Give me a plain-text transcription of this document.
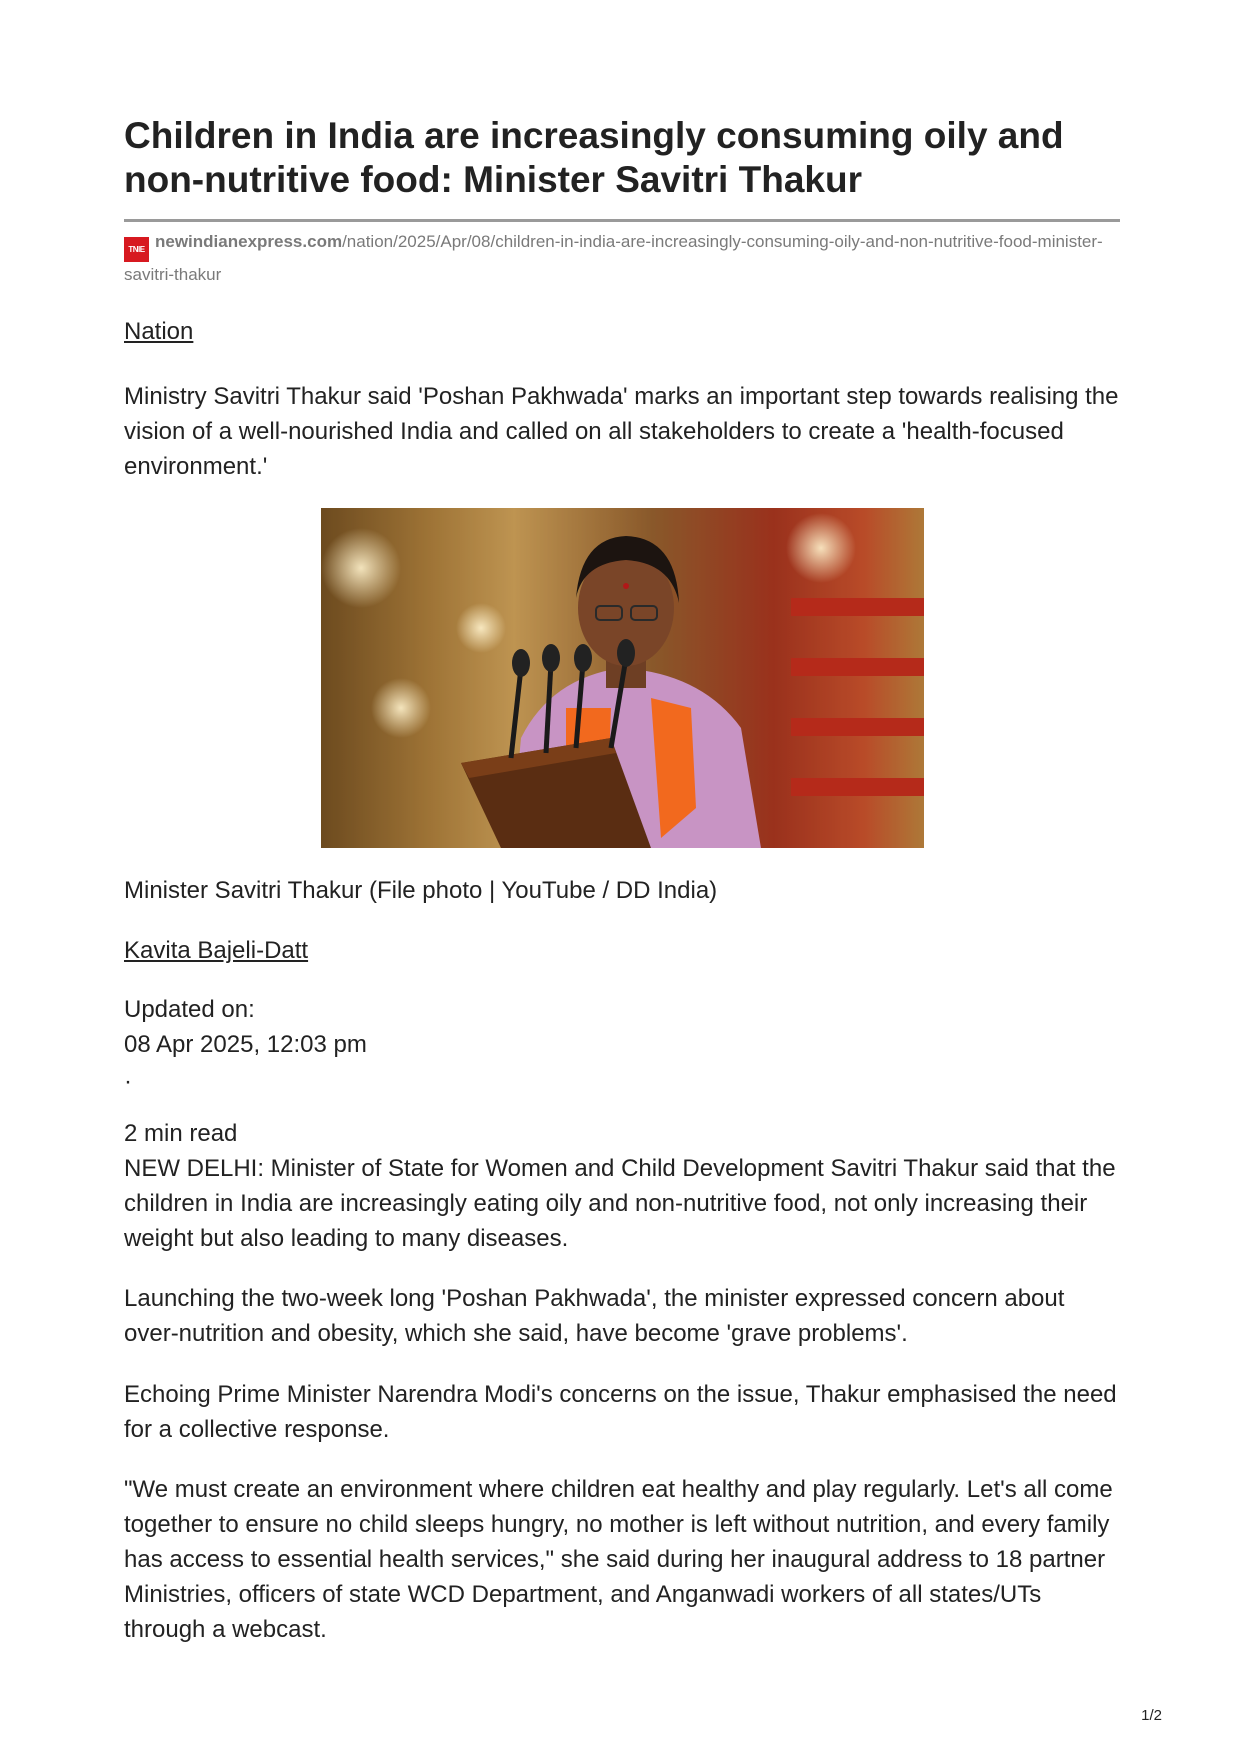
Children in India are increasingly consuming oily and non-nutritive food: Minister Savitri Thakur
TNIE newindianexpress.com/nation/2025/Apr/08/children-in-india-are-increasingly-consuming-oily-and-non-nutritive-food-minister-savitri-thakur
Nation

Ministry Savitri Thakur said 'Poshan Pakhwada' marks an important step towards realising the vision of a well-nourished India and called on all stakeholders to create a 'health-focused environment.'

Minister Savitri Thakur (File photo | YouTube / DD India)

Kavita Bajeli-Datt

Updated on:

08 Apr 2025, 12:03 pm

·

2 min read

NEW DELHI: Minister of State for Women and Child Development Savitri Thakur said that the children in India are increasingly eating oily and non-nutritive food, not only increasing their weight but also leading to many diseases.

Launching the two-week long 'Poshan Pakhwada', the minister expressed concern about over-nutrition and obesity, which she said, have become 'grave problems'.

Echoing Prime Minister Narendra Modi's concerns on the issue, Thakur emphasised the need for a collective response.

"We must create an environment where children eat healthy and play regularly. Let's all come together to ensure no child sleeps hungry, no mother is left without nutrition, and every family has access to essential health services," she said during her inaugural address to 18 partner Ministries, officers of state WCD Department, and Anganwadi workers of all states/UTs through a webcast.

1/2
